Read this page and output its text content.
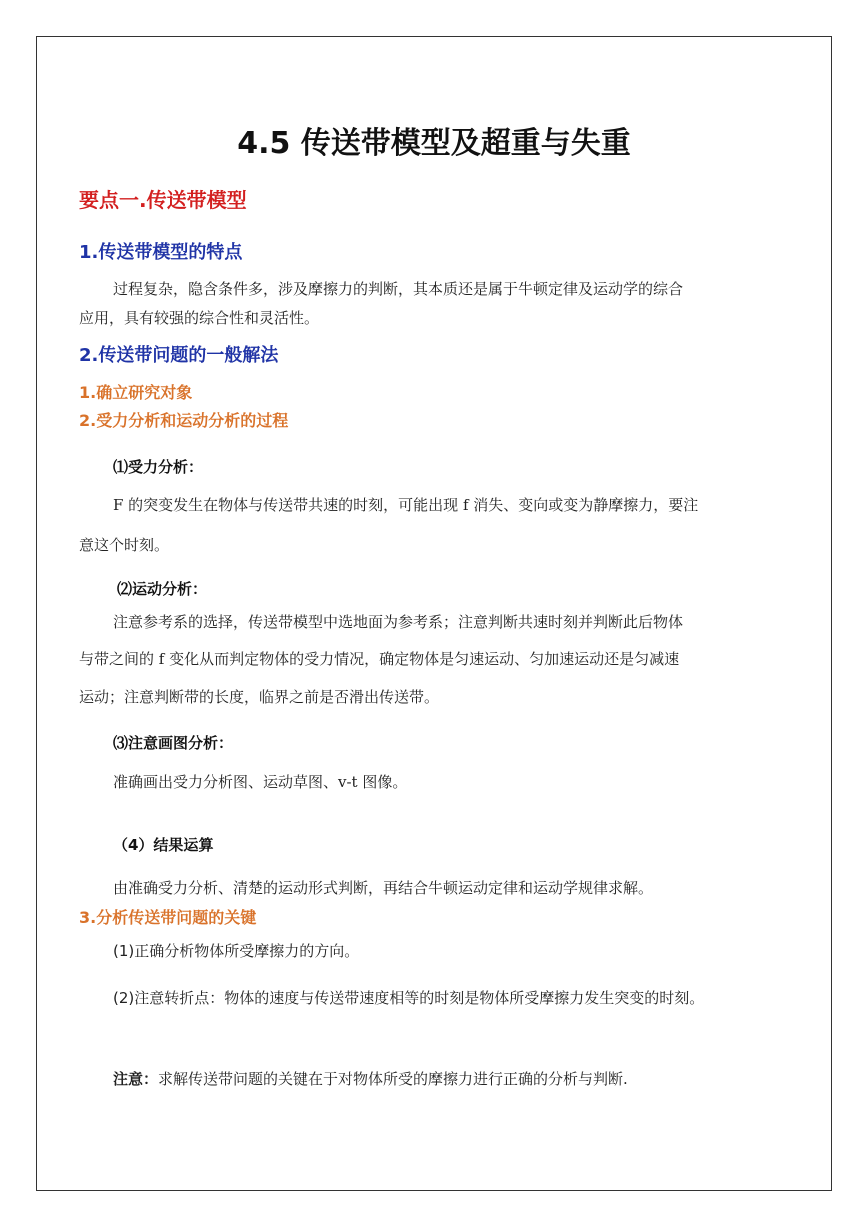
4.5 传送带模型及超重与失重
要点一.传送带模型
1.传送带模型的特点
过程复杂，隐含条件多，涉及摩擦力的判断，其本质还是属于牛顿定律及运动学的综合
应用，具有较强的综合性和灵活性。
2.传送带问题的一般解法
1.确立研究对象
2.受力分析和运动分析的过程
⑴受力分析：
F 的突变发生在物体与传送带共速的时刻，可能出现 f 消失、变向或变为静摩擦力，要注
意这个时刻。
⑵运动分析：
注意参考系的选择，传送带模型中选地面为参考系；注意判断共速时刻并判断此后物体
与带之间的 f 变化从而判定物体的受力情况，确定物体是匀速运动、匀加速运动还是匀减速
运动；注意判断带的长度，临界之前是否滑出传送带。
⑶注意画图分析：
准确画出受力分析图、运动草图、v-t 图像。
（4）结果运算
由准确受力分析、清楚的运动形式判断，再结合牛顿运动定律和运动学规律求解。
3.分析传送带问题的关键
(1)正确分析物体所受摩擦力的方向。
(2)注意转折点：物体的速度与传送带速度相等的时刻是物体所受摩擦力发生突变的时刻。
注意：求解传送带问题的关键在于对物体所受的摩擦力进行正确的分析与判断.
